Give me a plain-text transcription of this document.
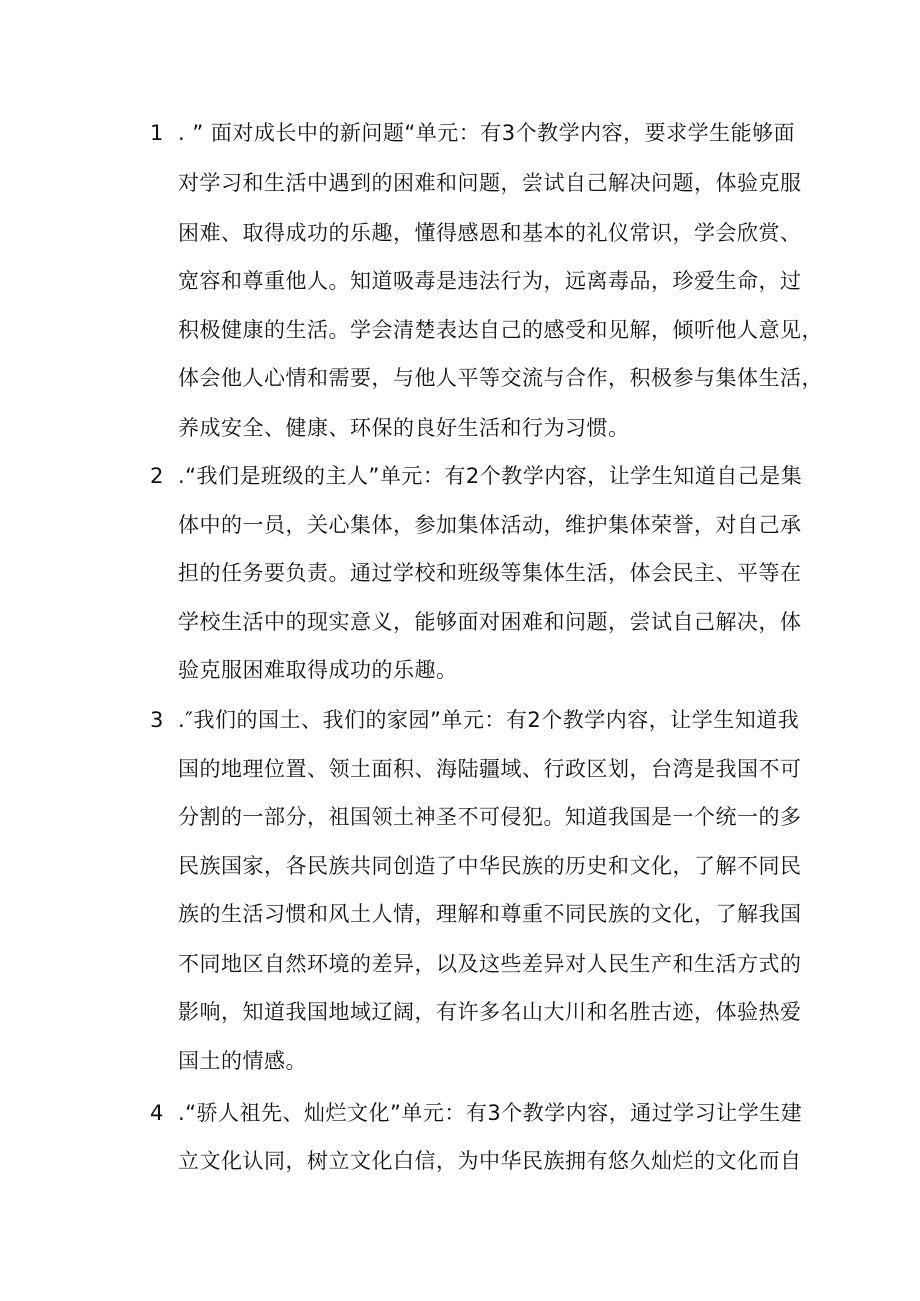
1 . ” 面对成长中的新问题“单元：有3个教学内容，要求学生能够面
对学习和生活中遇到的困难和问题，尝试自己解决问题，体验克服
困难、取得成功的乐趣，懂得感恩和基本的礼仪常识，学会欣赏、
宽容和尊重他人。知道吸毒是违法行为，远离毒品，珍爱生命，过
积极健康的生活。学会清楚表达自己的感受和见解，倾听他人意见，
体会他人心情和需要，与他人平等交流与合作，积极参与集体生活，
养成安全、健康、环保的良好生活和行为习惯。
2 .“我们是班级的主人”单元：有2个教学内容，让学生知道自己是集
体中的一员，关心集体，参加集体活动，维护集体荣誉，对自己承
担的任务要负责。通过学校和班级等集体生活，体会民主、平等在
学校生活中的现实意义，能够面对困难和问题，尝试自己解决，体
验克服困难取得成功的乐趣。
3 .″我们的国土、我们的家园”单元：有2个教学内容，让学生知道我
国的地理位置、领土面积、海陆疆域、行政区划，台湾是我国不可
分割的一部分，祖国领土神圣不可侵犯。知道我国是一个统一的多
民族国家，各民族共同创造了中华民族的历史和文化，了解不同民
族的生活习惯和风土人情，理解和尊重不同民族的文化，了解我国
不同地区自然环境的差异，以及这些差异对人民生产和生活方式的
影响，知道我国地域辽阔，有许多名山大川和名胜古迹，体验热爱
国土的情感。
4 .“骄人祖先、灿烂文化”单元：有3个教学内容，通过学习让学生建
立文化认同，树立文化白信，为中华民族拥有悠久灿烂的文化而自
